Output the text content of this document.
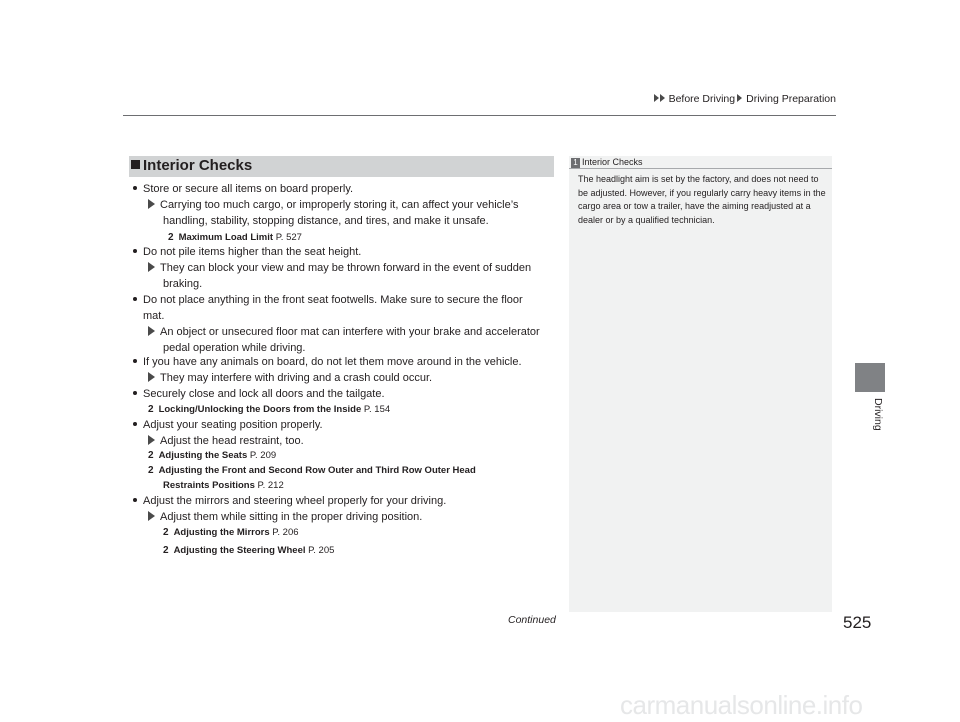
Before Driving Driving Preparation
Interior Checks
Store or secure all items on board properly.
Carrying too much cargo, or improperly storing it, can affect your vehicle’s
handling, stability, stopping distance, and tires, and make it unsafe.
2 Maximum Load Limit P. 527
Do not pile items higher than the seat height.
They can block your view and may be thrown forward in the event of sudden
braking.
Do not place anything in the front seat footwells. Make sure to secure the floor
mat.
An object or unsecured floor mat can interfere with your brake and accelerator
pedal operation while driving.
If you have any animals on board, do not let them move around in the vehicle.
They may interfere with driving and a crash could occur.
Securely close and lock all doors and the tailgate.
2 Locking/Unlocking the Doors from the Inside P. 154
Adjust your seating position properly.
Adjust the head restraint, too.
2 Adjusting the Seats P. 209
2 Adjusting the Front and Second Row Outer and Third Row Outer Head
Restraints Positions P. 212
Adjust the mirrors and steering wheel properly for your driving.
Adjust them while sitting in the proper driving position.
2 Adjusting the Mirrors P. 206
2 Adjusting the Steering Wheel P. 205
1 Interior Checks
The headlight aim is set by the factory, and does not need to be adjusted. However, if you regularly carry heavy items in the cargo area or tow a trailer, have the aiming readjusted at a dealer or by a qualified technician.
Driving
Continued	525
carmanualsonline.info
